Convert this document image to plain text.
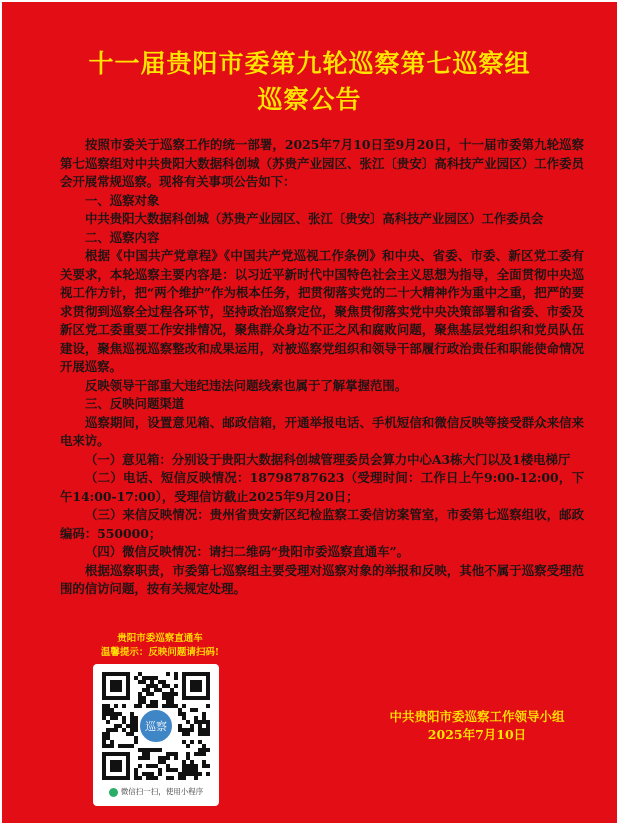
十一届贵阳市委第九轮巡察第七巡察组
巡察公告

按照市委关于巡察工作的统一部署，2025年7月10日至9月20日，十一届市委第九轮巡察第七巡察组对中共贵阳大数据科创城（苏贵产业园区、张江〔贵安〕高科技产业园区）工作委员会开展常规巡察。现将有关事项公告如下：

一、巡察对象

中共贵阳大数据科创城（苏贵产业园区、张江〔贵安〕高科技产业园区）工作委员会

二、巡察内容

根据《中国共产党章程》《中国共产党巡视工作条例》和中央、省委、市委、新区党工委有关要求，本轮巡察主要内容是：以习近平新时代中国特色社会主义思想为指导，全面贯彻中央巡视工作方针，把“两个维护”作为根本任务，把贯彻落实党的二十大精神作为重中之重，把严的要求贯彻到巡察全过程各环节，坚持政治巡察定位，聚焦贯彻落实党中央决策部署和省委、市委及新区党工委重要工作安排情况，聚焦群众身边不正之风和腐败问题，聚焦基层党组织和党员队伍建设，聚焦巡视巡察整改和成果运用，对被巡察党组织和领导干部履行政治责任和职能使命情况开展巡察。

反映领导干部重大违纪违法问题线索也属于了解掌握范围。

三、反映问题渠道

巡察期间，设置意见箱、邮政信箱，开通举报电话、手机短信和微信反映等接受群众来信来电来访。

（一）意见箱：分别设于贵阳大数据科创城管理委员会算力中心A3栋大门以及1楼电梯厅

（二）电话、短信反映情况：18798787623（受理时间：工作日上午9:00-12:00，下午14:00-17:00），受理信访截止2025年9月20日；

（三）来信反映情况：贵州省贵安新区纪检监察工委信访案管室，市委第七巡察组收，邮政编码：550000；

（四）微信反映情况：请扫二维码“贵阳市委巡察直通车”。

根据巡察职责，市委第七巡察组主要受理对巡察对象的举报和反映，其他不属于巡察受理范围的信访问题，按有关规定处理。

贵阳市委巡察直通车
温馨提示：反映问题请扫码!
巡察
微信扫一扫，使用小程序
中共贵阳市委巡察工作领导小组
2025年7月10日
